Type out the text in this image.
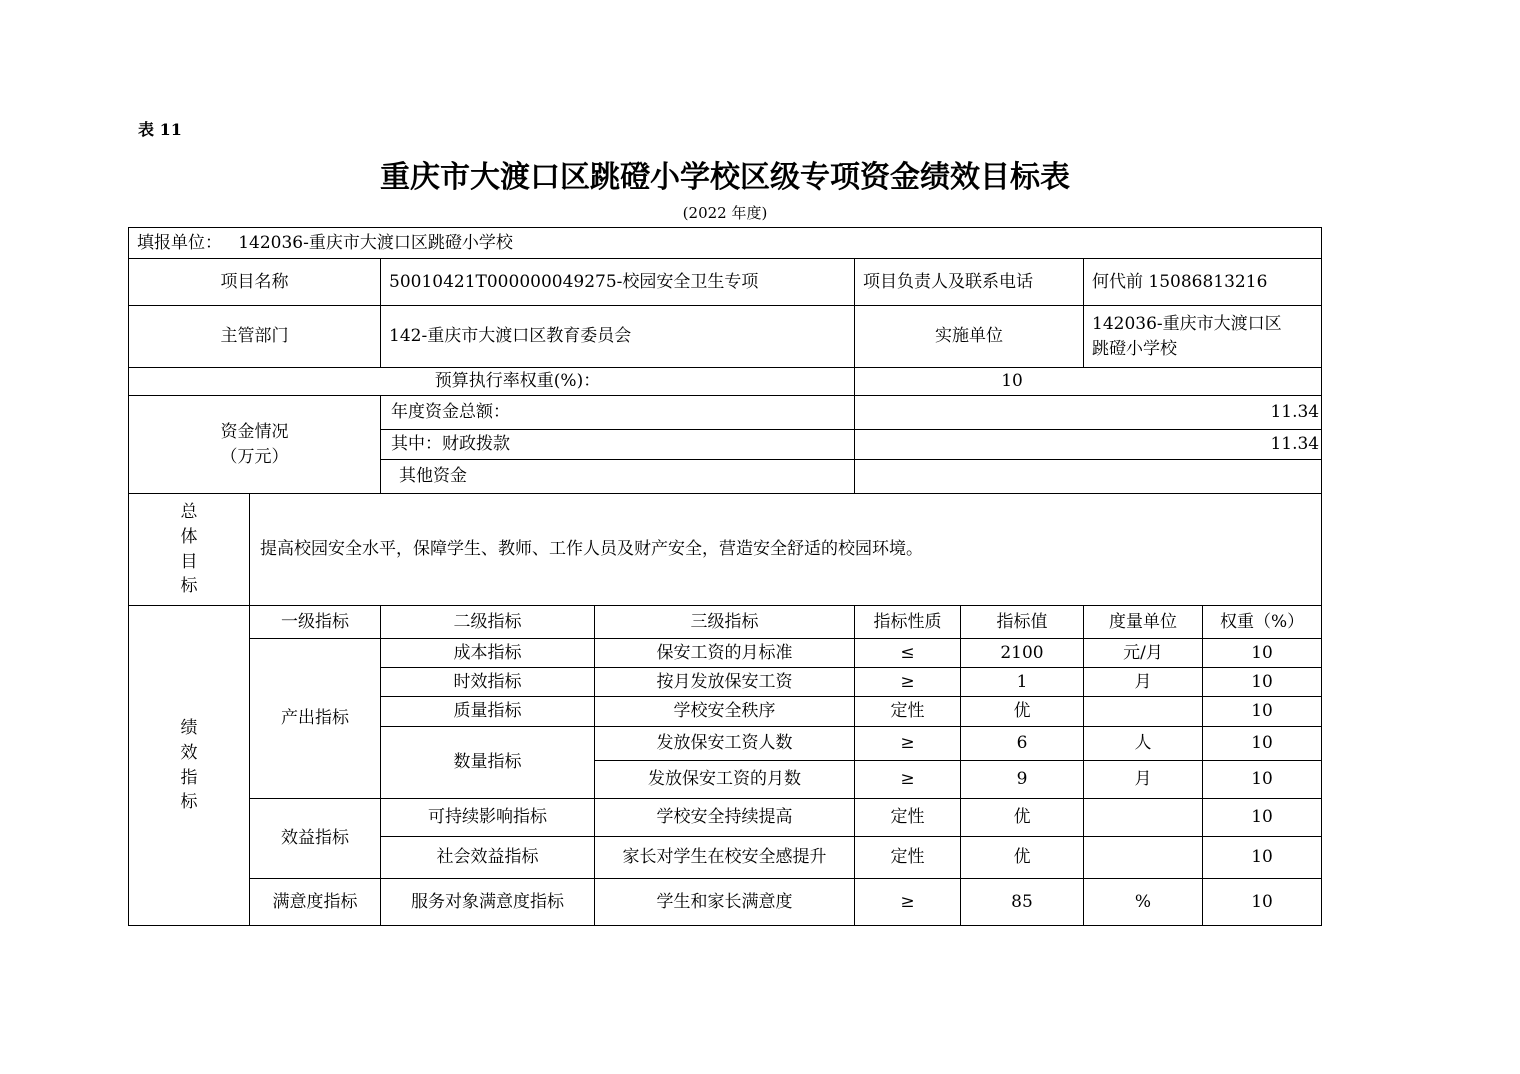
表 11
重庆市大渡口区跳磴小学校区级专项资金绩效目标表
(2022 年度)
填报单位： 142036-重庆市大渡口区跳磴小学校							
项目名称		50010421T000000049275-校园安全卫生专项		项目负责人及联系电话		何代前 15086813216	
主管部门		142-重庆市大渡口区教育委员会		实施单位		142036-重庆市大渡口区
跳磴小学校	

预算执行率权重(%)：				10			

资金情况
（万元）		年度资金总额：		11.34			
		其中：财政拨款		11.34			
		其他资金					

总
体
目
标	提高校园安全水平，保障学生、教师、工作人员及财产安全，营造安全舒适的校园环境。						

绩
效
指
标	一级指标	二级指标	三级指标	指标性质	指标值	度量单位	权重（%）
	产出指标	成本指标	保安工资的月标准	≤	2100	元/月	10
		时效指标	按月发放保安工资	≥	1	月	10
		质量指标	学校安全秩序	定性	优		10
		数量指标	发放保安工资人数	≥	6	人	10
			发放保安工资的月数	≥	9	月	10
	效益指标	可持续影响指标	学校安全持续提高	定性	优		10
		社会效益指标	家长对学生在校安全感提升	定性	优		10
	满意度指标	服务对象满意度指标	学生和家长满意度	≥	85	%	10
